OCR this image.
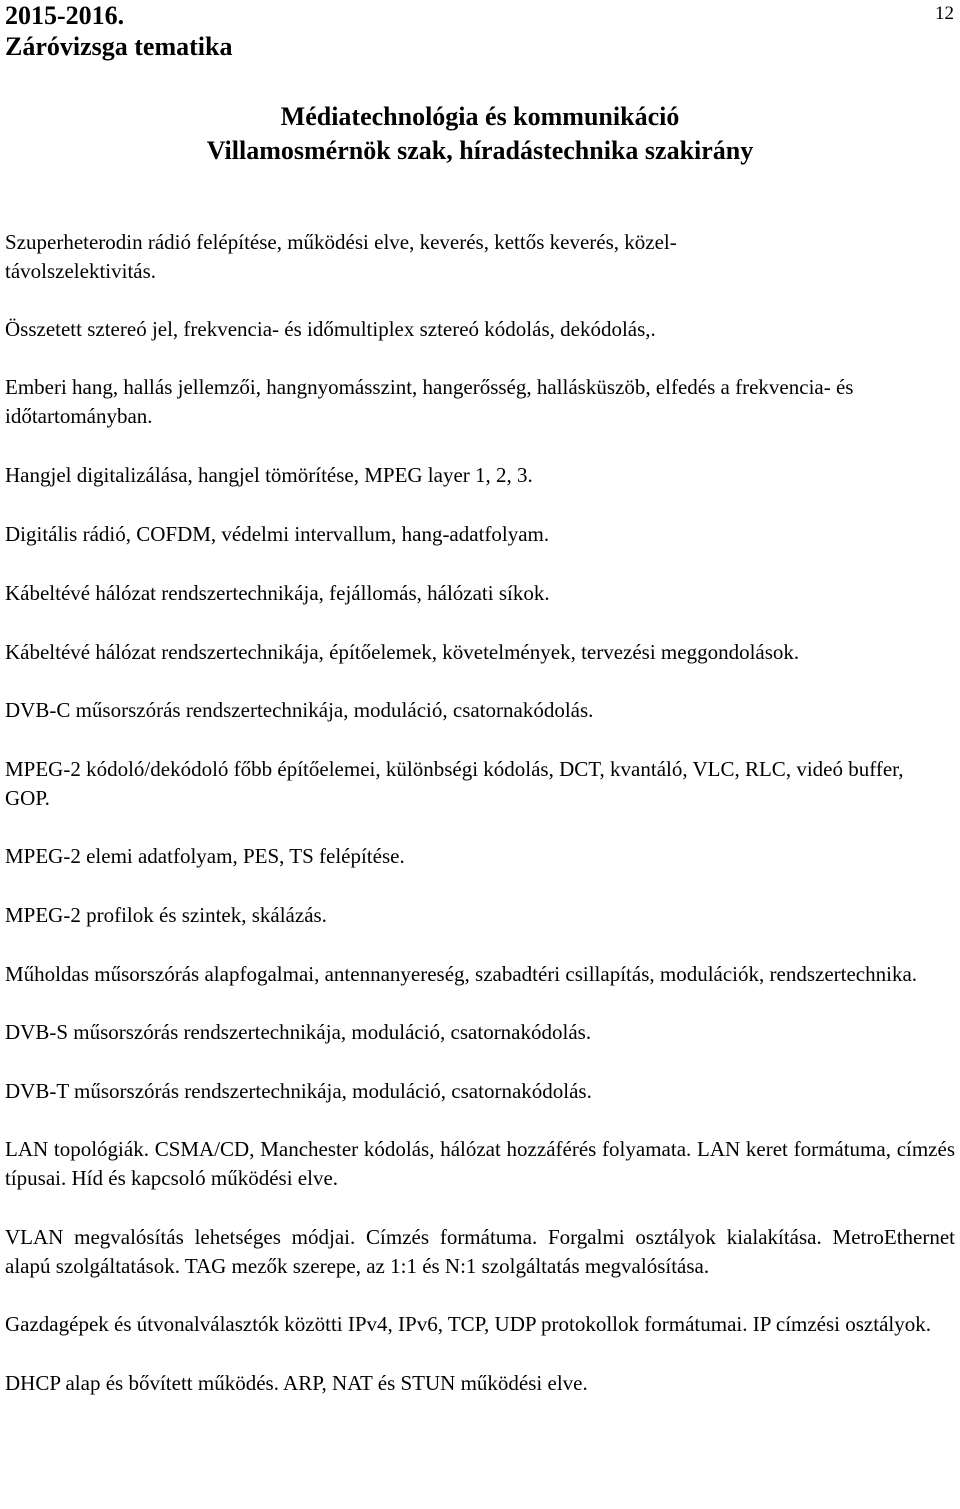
2015-2016.
Záróvizsga tematika
12
Médiatechnológia és kommunikáció
Villamosmérnök szak, híradástechnika szakirány

Szuperheterodin rádió felépítése, működési elve, keverés, kettős keverés, közel-távolszelektivitás.

Összetett sztereó jel, frekvencia- és időmultiplex sztereó kódolás, dekódolás,.

Emberi hang, hallás jellemzői, hangnyomásszint, hangerősség, hallásküszöb, elfedés a frekvencia- és időtartományban.

Hangjel digitalizálása, hangjel tömörítése, MPEG layer 1, 2, 3.

Digitális rádió, COFDM, védelmi intervallum, hang-adatfolyam.

Kábeltévé hálózat rendszertechnikája, fejállomás, hálózati síkok.

Kábeltévé hálózat rendszertechnikája, építőelemek, követelmények, tervezési meggondolások.

DVB-C műsorszórás rendszertechnikája, moduláció, csatornakódolás.

MPEG-2 kódoló/dekódoló főbb építőelemei, különbségi kódolás, DCT, kvantáló, VLC, RLC, videó buffer, GOP.

MPEG-2 elemi adatfolyam, PES, TS felépítése.

MPEG-2 profilok és szintek, skálázás.

Műholdas műsorszórás alapfogalmai, antennanyereség, szabadtéri csillapítás, modulációk, rendszertechnika.

DVB-S műsorszórás rendszertechnikája, moduláció, csatornakódolás.

DVB-T műsorszórás rendszertechnikája, moduláció, csatornakódolás.

LAN topológiák. CSMA/CD, Manchester kódolás, hálózat hozzáférés folyamata. LAN keret formátuma, címzés típusai. Híd és kapcsoló működési elve.

VLAN megvalósítás lehetséges módjai. Címzés formátuma. Forgalmi osztályok kialakítása. MetroEthernet alapú szolgáltatások. TAG mezők szerepe, az 1:1 és N:1 szolgáltatás megvalósítása.

Gazdagépek és útvonalválasztók közötti IPv4, IPv6, TCP, UDP protokollok formátumai. IP címzési osztályok.

DHCP alap és bővített működés. ARP, NAT és STUN működési elve.
